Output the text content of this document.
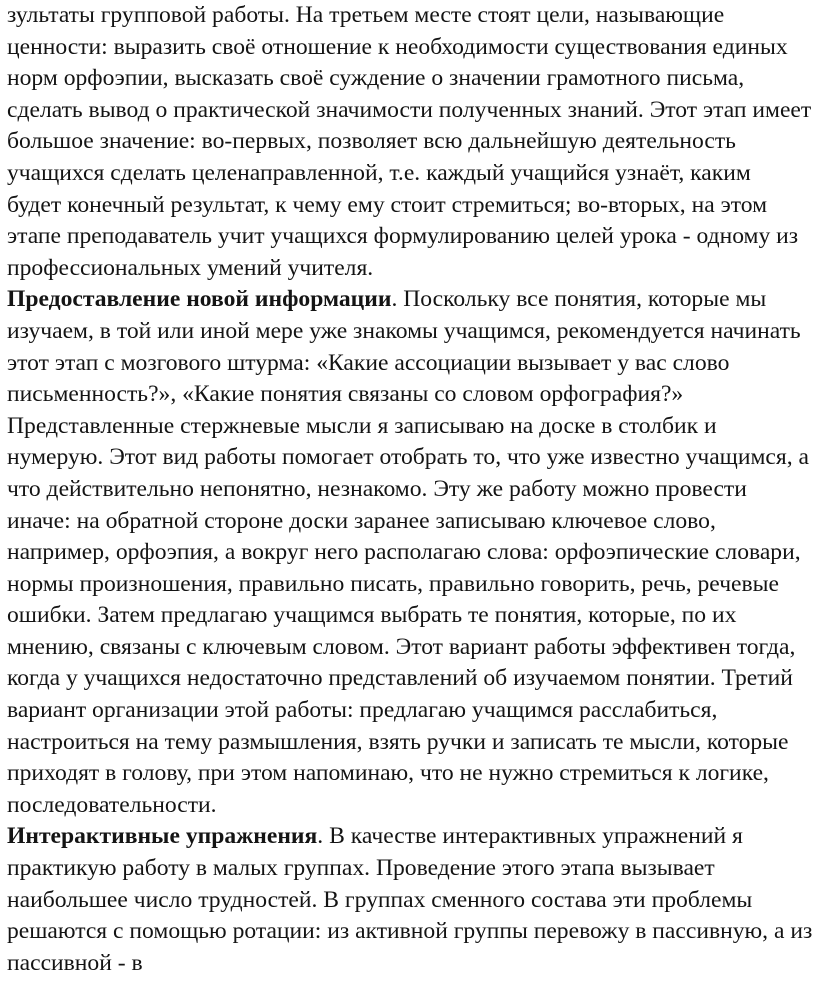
зультаты групповой работы. На третьем месте стоят цели, называющие
ценности: выразить своё отношение к необходимости существования единых
норм орфоэпии, высказать своё суждение о значении грамотного письма,
сделать вывод о практической значимости полученных знаний. Этот этап имеет
большое значение: во-первых, позволяет всю дальнейшую деятельность
учащихся сделать целенаправленной, т.е. каждый учащийся узнаёт, каким
будет конечный результат, к чему ему стоит стремиться; во-вторых, на этом
этапе преподаватель учит учащихся формулированию целей урока - одному из
профессиональных умений учителя.
Предоставление новой информации. Поскольку все понятия, которые мы
изучаем, в той или иной мере уже знакомы учащимся, рекомендуется начинать
этот этап с мозгового штурма: «Какие ассоциации вызывает у вас слово
письменность?», «Какие понятия связаны со словом орфография?»
Представленные стержневые мысли я записываю на доске в столбик и
нумерую. Этот вид работы помогает отобрать то, что уже известно учащимся, а
что действительно непонятно, незнакомо. Эту же работу можно провести
иначе: на обратной стороне доски заранее записываю ключевое слово,
например, орфоэпия, а вокруг него располагаю слова: орфоэпические словари,
нормы произношения, правильно писать, правильно говорить, речь, речевые
ошибки. Затем предлагаю учащимся выбрать те понятия, которые, по их
мнению, связаны с ключевым словом. Этот вариант работы эффективен тогда,
когда у учащихся недостаточно представлений об изучаемом понятии. Третий
вариант организации этой работы: предлагаю учащимся расслабиться,
настроиться на тему размышления, взять ручки и записать те мысли, которые
приходят в голову, при этом напоминаю, что не нужно стремиться к логике,
последовательности.
Интерактивные упражнения. В качестве интерактивных упражнений я
практикую работу в малых группах. Проведение этого этапа вызывает
наибольшее число трудностей. В группах сменного состава эти проблемы
решаются с помощью ротации: из активной группы перевожу в пассивную, а из
пассивной - в
